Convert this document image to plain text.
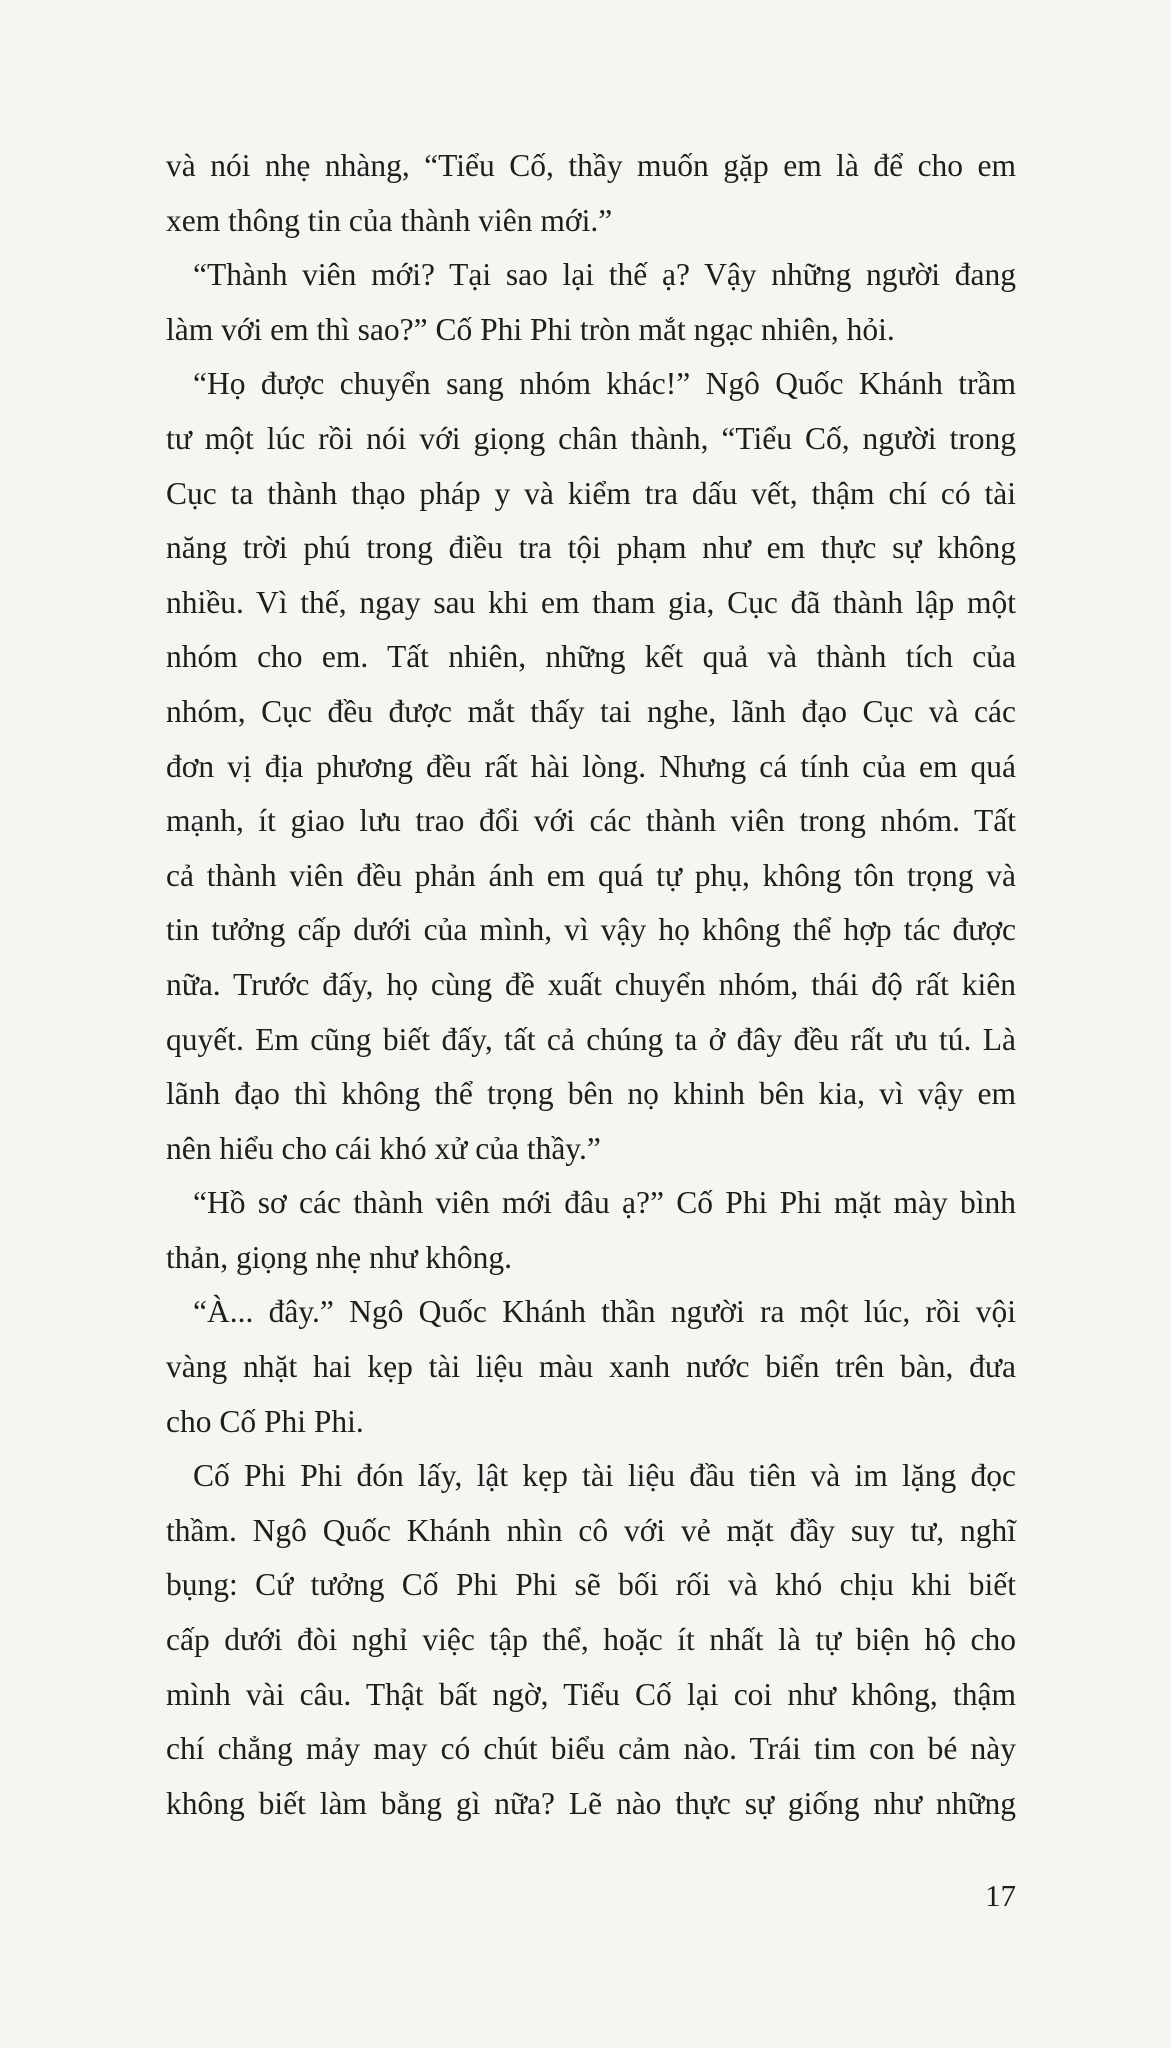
và nói nhẹ nhàng, “Tiểu Cố, thầy muốn gặp em là để cho em
xem thông tin của thành viên mới.”
“Thành viên mới? Tại sao lại thế ạ? Vậy những người đang
làm với em thì sao?” Cố Phi Phi tròn mắt ngạc nhiên, hỏi.
“Họ được chuyển sang nhóm khác!” Ngô Quốc Khánh trầm
tư một lúc rồi nói với giọng chân thành, “Tiểu Cố, người trong
Cục ta thành thạo pháp y và kiểm tra dấu vết, thậm chí có tài
năng trời phú trong điều tra tội phạm như em thực sự không
nhiều. Vì thế, ngay sau khi em tham gia, Cục đã thành lập một
nhóm cho em. Tất nhiên, những kết quả và thành tích của
nhóm, Cục đều được mắt thấy tai nghe, lãnh đạo Cục và các
đơn vị địa phương đều rất hài lòng. Nhưng cá tính của em quá
mạnh, ít giao lưu trao đổi với các thành viên trong nhóm. Tất
cả thành viên đều phản ánh em quá tự phụ, không tôn trọng và
tin tưởng cấp dưới của mình, vì vậy họ không thể hợp tác được
nữa. Trước đấy, họ cùng đề xuất chuyển nhóm, thái độ rất kiên
quyết. Em cũng biết đấy, tất cả chúng ta ở đây đều rất ưu tú. Là
lãnh đạo thì không thể trọng bên nọ khinh bên kia, vì vậy em
nên hiểu cho cái khó xử của thầy.”
“Hồ sơ các thành viên mới đâu ạ?” Cố Phi Phi mặt mày bình
thản, giọng nhẹ như không.
“À... đây.” Ngô Quốc Khánh thần người ra một lúc, rồi vội
vàng nhặt hai kẹp tài liệu màu xanh nước biển trên bàn, đưa
cho Cố Phi Phi.
Cố Phi Phi đón lấy, lật kẹp tài liệu đầu tiên và im lặng đọc
thầm. Ngô Quốc Khánh nhìn cô với vẻ mặt đầy suy tư, nghĩ
bụng: Cứ tưởng Cố Phi Phi sẽ bối rối và khó chịu khi biết
cấp dưới đòi nghỉ việc tập thể, hoặc ít nhất là tự biện hộ cho
mình vài câu. Thật bất ngờ, Tiểu Cố lại coi như không, thậm
chí chẳng mảy may có chút biểu cảm nào. Trái tim con bé này
không biết làm bằng gì nữa? Lẽ nào thực sự giống như những
17
